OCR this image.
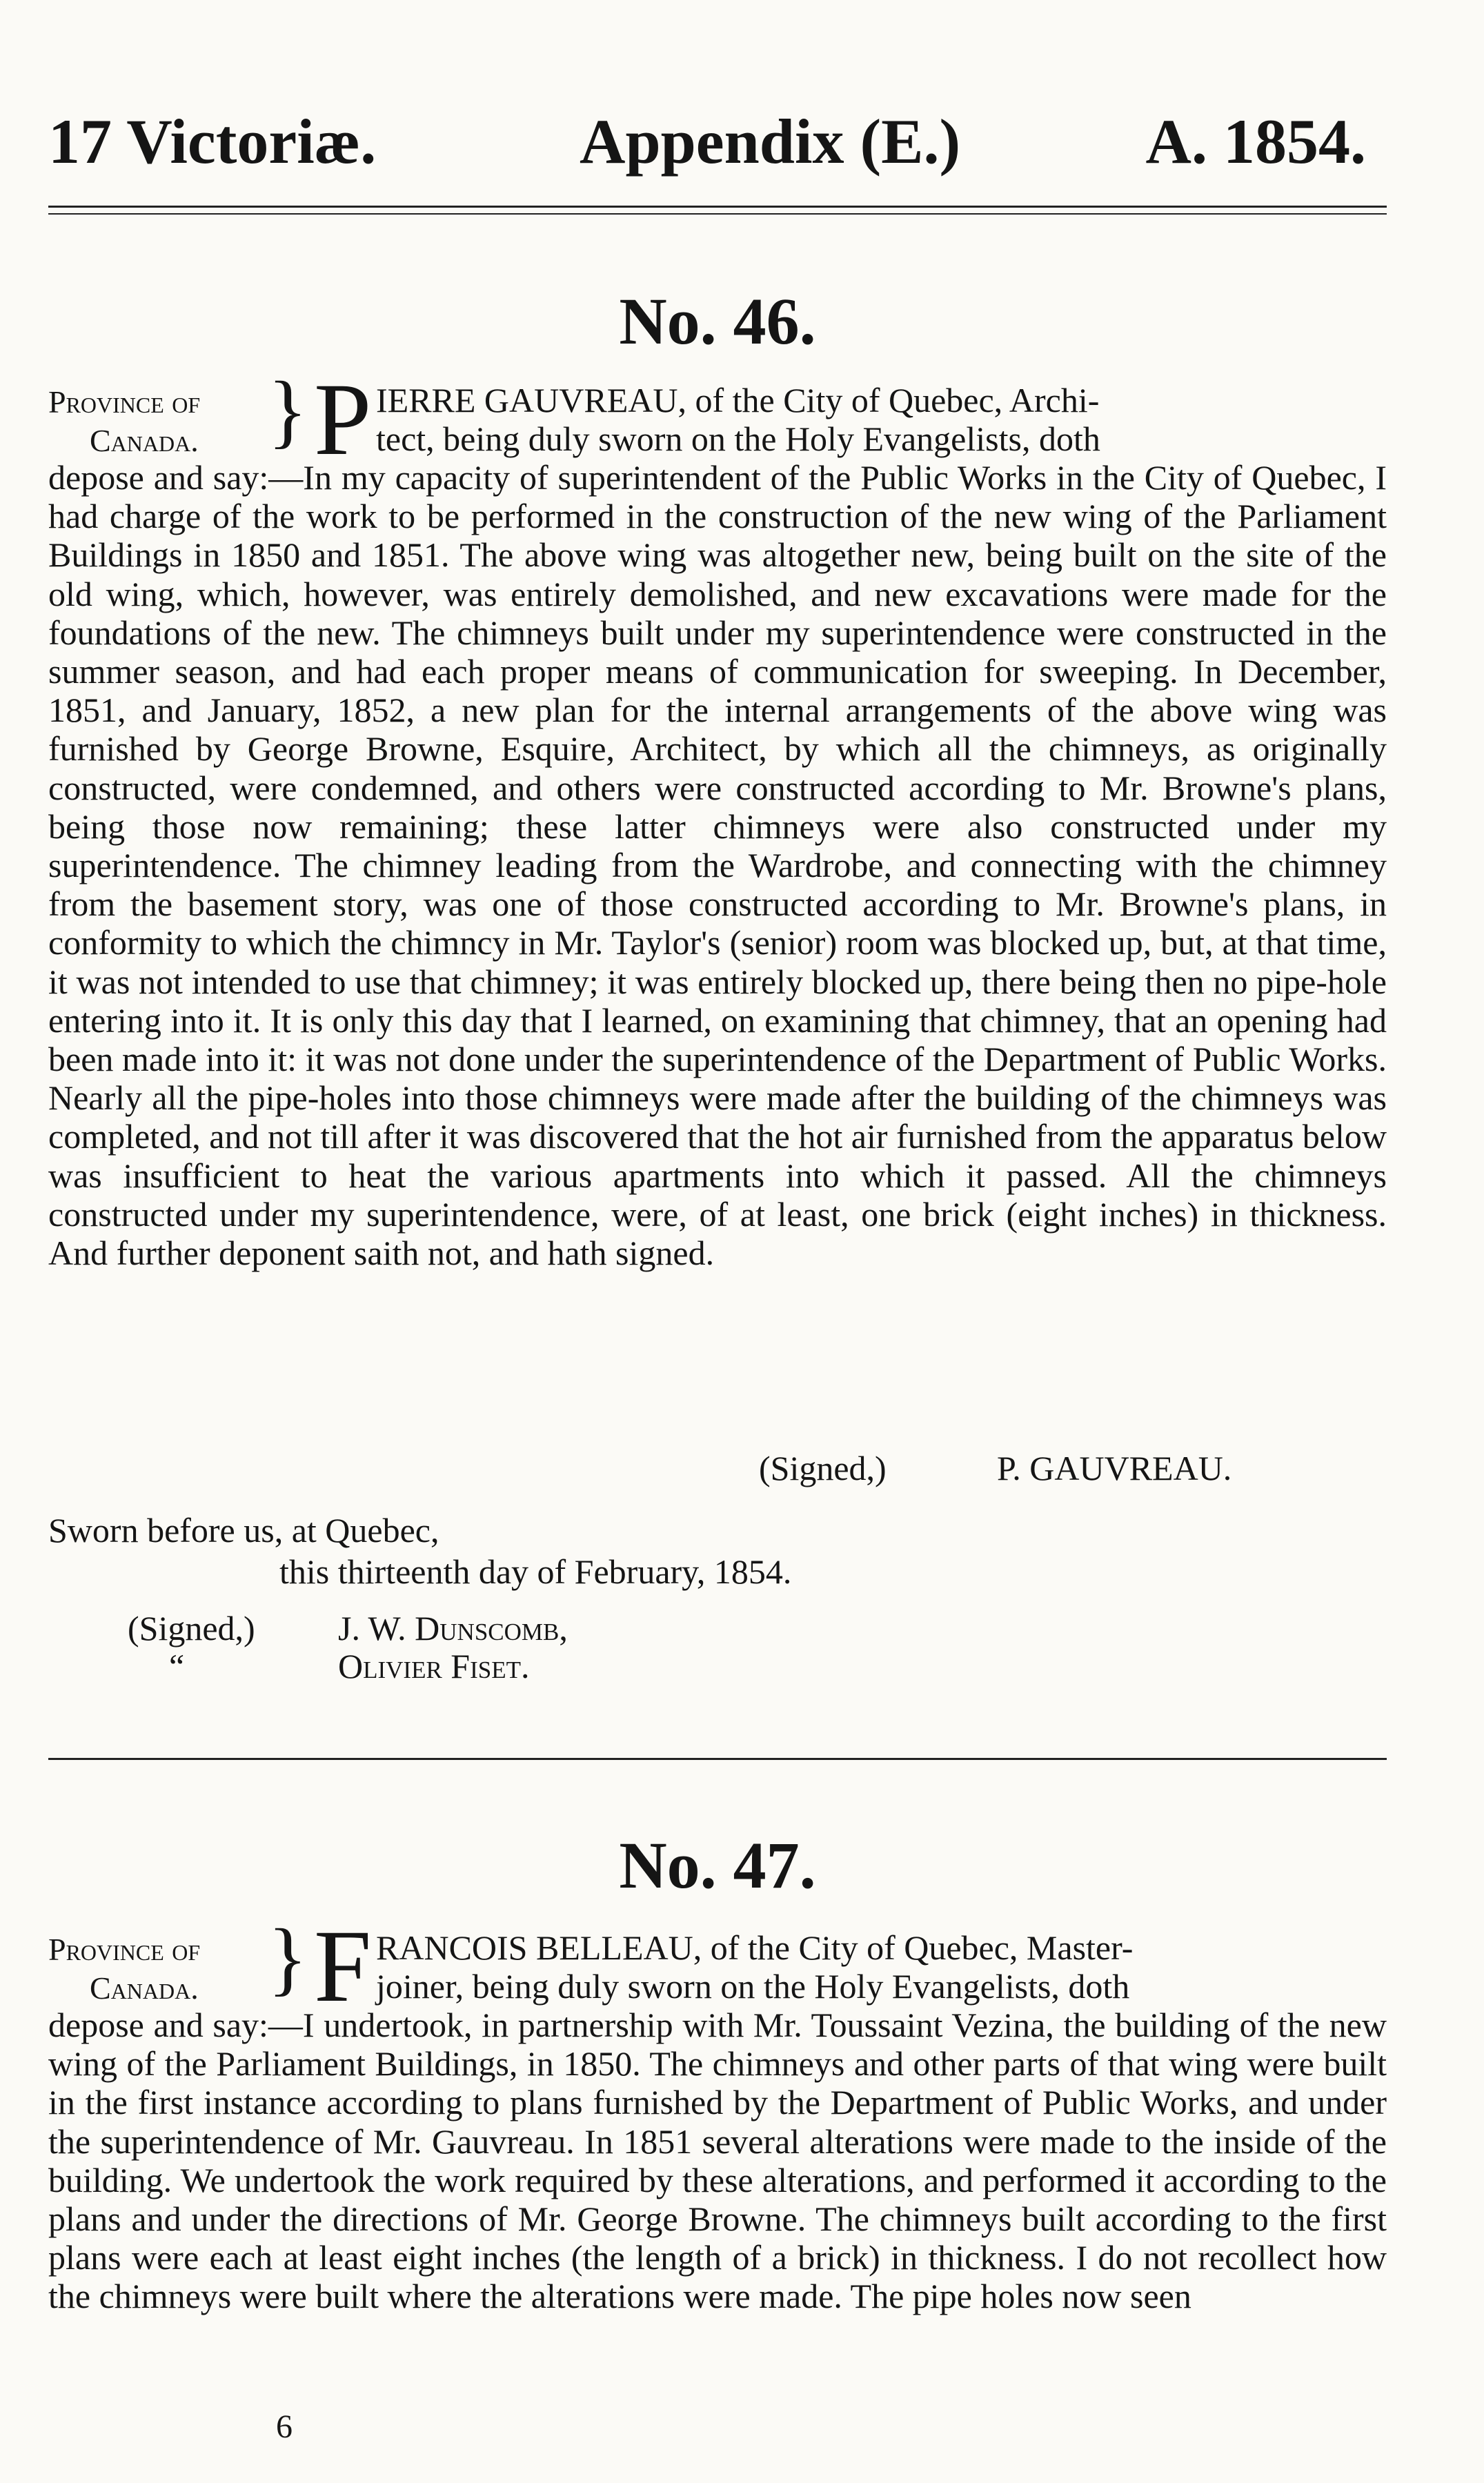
17 Victoriæ.	Appendix (E.)	A. 1854.
No. 46.
Province of
Canada. } P IERRE GAUVREAU, of the City of Quebec, Archi-
tect, being duly sworn on the Holy Evangelists, doth
depose and say:—In my capacity of superintendent of the Public Works in the City of Quebec, I had charge of the work to be performed in the construction of the new wing of the Parliament Buildings in 1850 and 1851. The above wing was altogether new, being built on the site of the old wing, which, however, was entirely demolished, and new excavations were made for the foundations of the new. The chimneys built under my superintendence were constructed in the summer season, and had each proper means of communication for sweeping. In December, 1851, and January, 1852, a new plan for the internal arrangements of the above wing was furnished by George Browne, Esquire, Architect, by which all the chimneys, as originally constructed, were condemned, and others were constructed according to Mr. Browne's plans, being those now remaining; these latter chimneys were also constructed under my superintendence. The chimney leading from the Wardrobe, and connecting with the chimney from the basement story, was one of those constructed according to Mr. Browne's plans, in conformity to which the chimncy in Mr. Taylor's (senior) room was blocked up, but, at that time, it was not intended to use that chimney; it was entirely blocked up, there being then no pipe-hole entering into it. It is only this day that I learned, on examining that chimney, that an opening had been made into it: it was not done under the superintendence of the Department of Public Works. Nearly all the pipe-holes into those chimneys were made after the building of the chimneys was completed, and not till after it was discovered that the hot air furnished from the apparatus below was insufficient to heat the various apartments into which it passed. All the chimneys constructed under my superintendence, were, of at least, one brick (eight inches) in thickness. And further deponent saith not, and hath signed.
(Signed,)	P. GAUVREAU.
Sworn before us, at Quebec,
this thirteenth day of February, 1854.
(Signed,)
“
J. W. Dunscomb,
Olivier Fiset.
No. 47.
Province of
Canada. } F RANCOIS BELLEAU, of the City of Quebec, Master-
joiner, being duly sworn on the Holy Evangelists, doth
depose and say:—I undertook, in partnership with Mr. Toussaint Vezina, the building of the new wing of the Parliament Buildings, in 1850. The chimneys and other parts of that wing were built in the first instance according to plans furnished by the Department of Public Works, and under the superintendence of Mr. Gauvreau. In 1851 several alterations were made to the inside of the building. We undertook the work required by these alterations, and performed it according to the plans and under the directions of Mr. George Browne. The chimneys built according to the first plans were each at least eight inches (the length of a brick) in thickness. I do not recollect how the chimneys were built where the alterations were made. The pipe holes now seen
6
